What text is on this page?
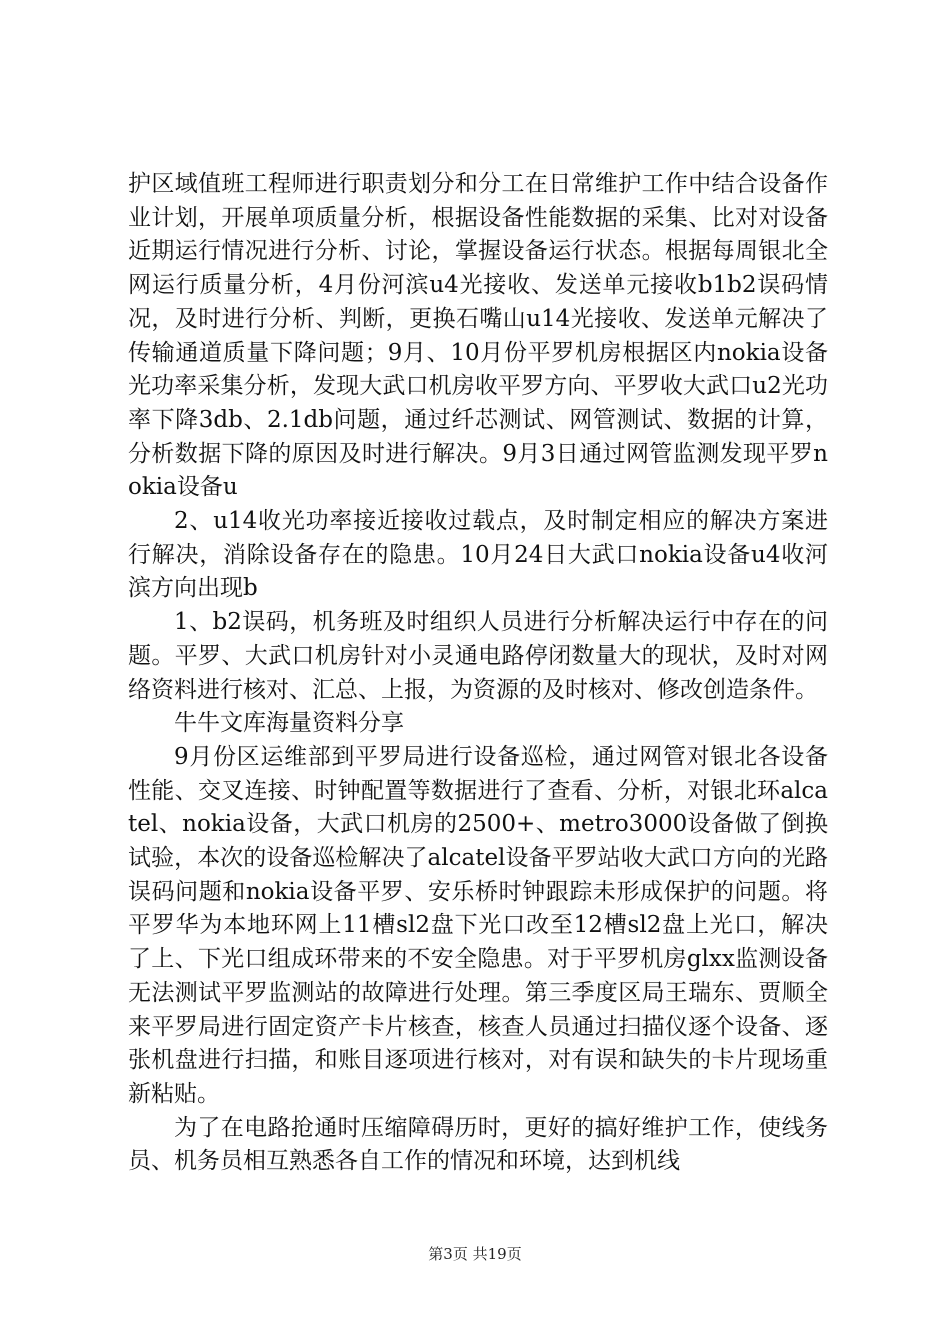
护区域值班工程师进行职责划分和分工在日常维护工作中结合设备作业计划，开展单项质量分析，根据设备性能数据的采集、比对对设备近期运行情况进行分析、讨论，掌握设备运行状态。根据每周银北全网运行质量分析，4月份河滨u4光接收、发送单元接收b1b2误码情况，及时进行分析、判断，更换石嘴山u14光接收、发送单元解决了传输通道质量下降问题；9月、10月份平罗机房根据区内nokia设备光功率采集分析，发现大武口机房收平罗方向、平罗收大武口u2光功率下降3db、2.1db问题，通过纤芯测试、网管测试、数据的计算，分析数据下降的原因及时进行解决。9月3日通过网管监测发现平罗nokia设备u

2、u14收光功率接近接收过载点，及时制定相应的解决方案进行解决，消除设备存在的隐患。10月24日大武口nokia设备u4收河滨方向出现b

1、b2误码，机务班及时组织人员进行分析解决运行中存在的问题。平罗、大武口机房针对小灵通电路停闭数量大的现状，及时对网络资料进行核对、汇总、上报，为资源的及时核对、修改创造条件。

牛牛文库海量资料分享

9月份区运维部到平罗局进行设备巡检，通过网管对银北各设备性能、交叉连接、时钟配置等数据进行了查看、分析，对银北环alcatel、nokia设备，大武口机房的2500+、metro3000设备做了倒换试验，本次的设备巡检解决了alcatel设备平罗站收大武口方向的光路误码问题和nokia设备平罗、安乐桥时钟跟踪未形成保护的问题。将平罗华为本地环网上11槽sl2盘下光口改至12槽sl2盘上光口，解决了上、下光口组成环带来的不安全隐患。对于平罗机房glxx监测设备无法测试平罗监测站的故障进行处理。第三季度区局王瑞东、贾顺全来平罗局进行固定资产卡片核查，核查人员通过扫描仪逐个设备、逐张机盘进行扫描，和账目逐项进行核对，对有误和缺失的卡片现场重新粘贴。

为了在电路抢通时压缩障碍历时，更好的搞好维护工作，使线务员、机务员相互熟悉各自工作的情况和环境，达到机线

第3页 共19页
